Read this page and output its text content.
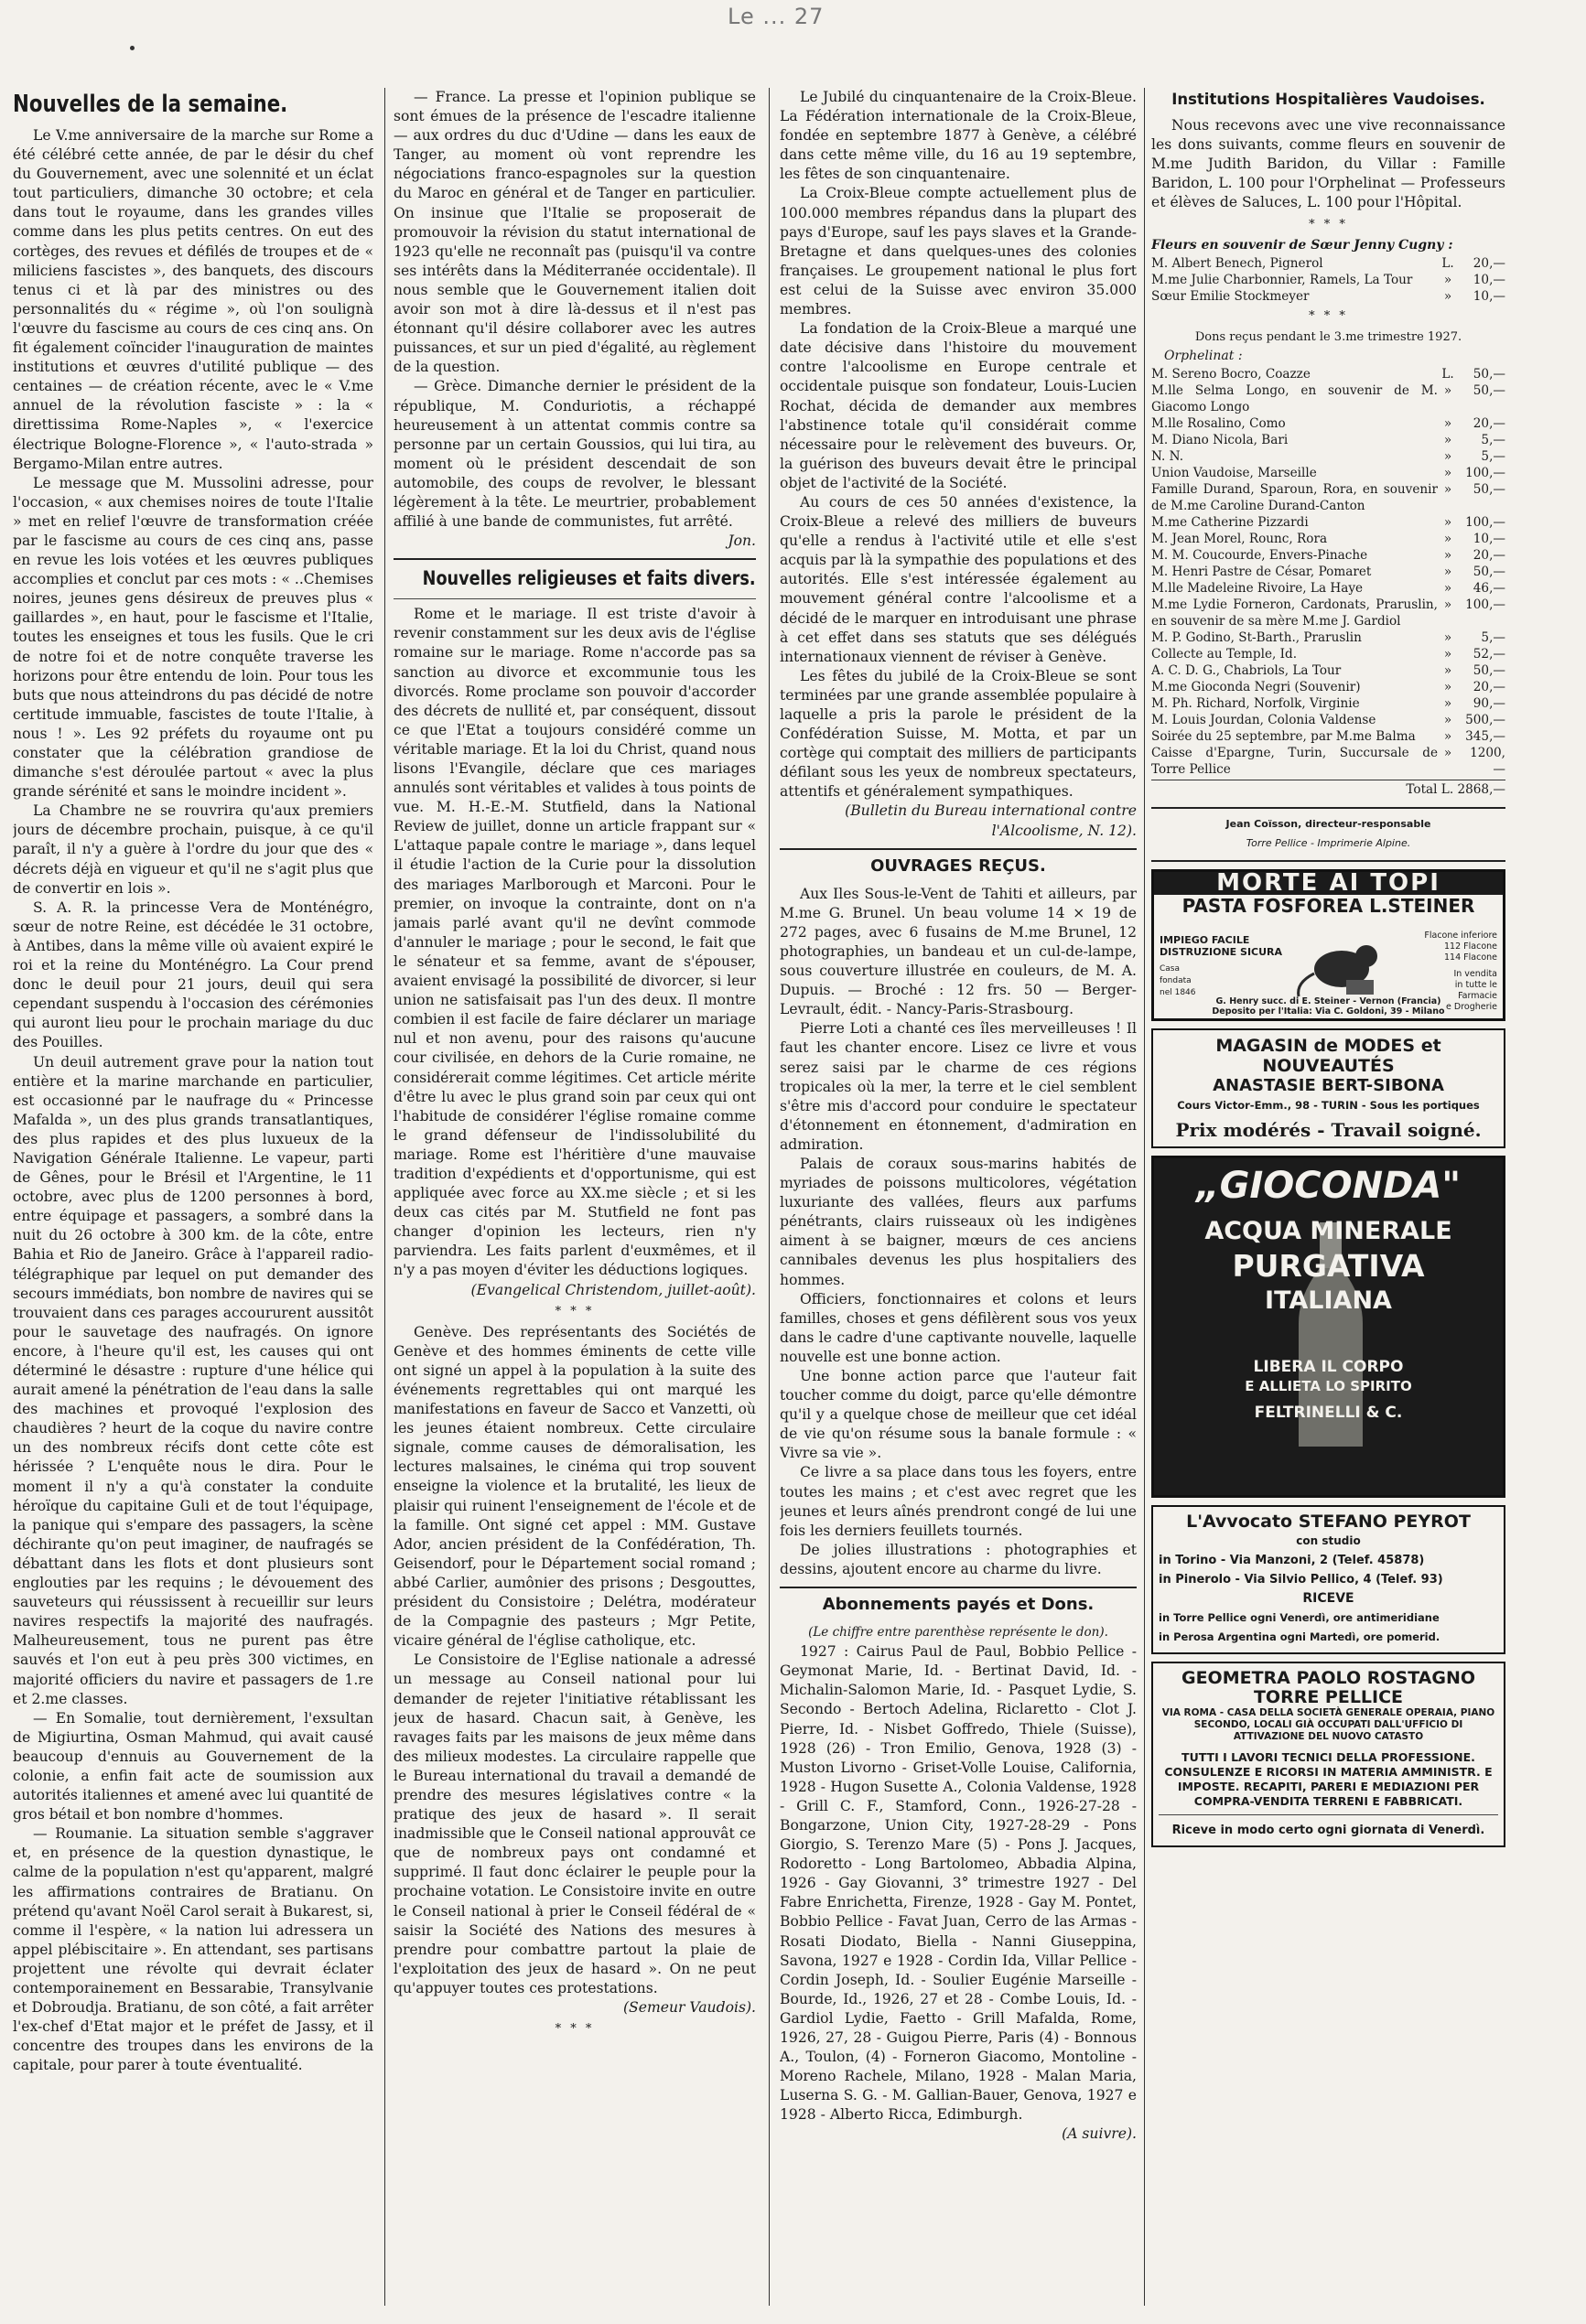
Le ... 27
Nouvelles de la semaine.

Le V.me anniversaire de la marche sur Rome a été célébré cette année, de par le désir du chef du Gouvernement, avec une solennité et un éclat tout particuliers, dimanche 30 octobre; et cela dans tout le royaume, dans les grandes villes comme dans les plus petits centres. On eut des cortèges, des revues et défilés de troupes et de « miliciens fascistes », des banquets, des discours tenus ci et là par des ministres ou des personnalités du « régime », où l'on soulignà l'œuvre du fascisme au cours de ces cinq ans. On fit également coïncider l'inauguration de maintes institutions et œuvres d'utilité publique — des centaines — de création récente, avec le « V.me annuel de la révolution fasciste » : la « direttissima Rome-Naples », « l'exercice électrique Bologne-Florence », « l'auto-strada » Bergamo-Milan entre autres.

Le message que M. Mussolini adresse, pour l'occasion, « aux chemises noires de toute l'Italie » met en relief l'œuvre de transformation créée par le fascisme au cours de ces cinq ans, passe en revue les lois votées et les œuvres publiques accomplies et conclut par ces mots : « ..Chemises noires, jeunes gens désireux de preuves plus « gaillardes », en haut, pour le fascisme et l'Italie, toutes les enseignes et tous les fusils. Que le cri de notre foi et de notre conquête traverse les horizons pour être entendu de loin. Pour tous les buts que nous atteindrons du pas décidé de notre certitude immuable, fascistes de toute l'Italie, à nous ! ». Les 92 préfets du royaume ont pu constater que la célébration grandiose de dimanche s'est déroulée partout « avec la plus grande sérénité et sans le moindre incident ».

La Chambre ne se rouvrira qu'aux premiers jours de décembre prochain, puisque, à ce qu'il paraît, il n'y a guère à l'ordre du jour que des « décrets déjà en vigueur et qu'il ne s'agit plus que de convertir en lois ».

S. A. R. la princesse Vera de Monténégro, sœur de notre Reine, est décédée le 31 octobre, à Antibes, dans la même ville où avaient expiré le roi et la reine du Monténégro. La Cour prend donc le deuil pour 21 jours, deuil qui sera cependant suspendu à l'occasion des cérémonies qui auront lieu pour le prochain mariage du duc des Pouilles.

Un deuil autrement grave pour la nation tout entière et la marine marchande en particulier, est occasionné par le naufrage du « Princesse Mafalda », un des plus grands transatlantiques, des plus rapides et des plus luxueux de la Navigation Générale Italienne. Le vapeur, parti de Gênes, pour le Brésil et l'Argentine, le 11 octobre, avec plus de 1200 personnes à bord, entre équipage et passagers, a sombré dans la nuit du 26 octobre à 300 km. de la côte, entre Bahia et Rio de Janeiro. Grâce à l'appareil radio-télégraphique par lequel on put demander des secours immédiats, bon nombre de navires qui se trouvaient dans ces parages accoururent aussitôt pour le sauvetage des naufragés. On ignore encore, à l'heure qu'il est, les causes qui ont déterminé le désastre : rupture d'une hélice qui aurait amené la pénétration de l'eau dans la salle des machines et provoqué l'explosion des chaudières ? heurt de la coque du navire contre un des nombreux récifs dont cette côte est hérissée ? L'enquête nous le dira. Pour le moment il n'y a qu'à constater la conduite héroïque du capitaine Guli et de tout l'équipage, la panique qui s'empare des passagers, la scène déchirante qu'on peut imaginer, de naufragés se débattant dans les flots et dont plusieurs sont englouties par les requins ; le dévouement des sauveteurs qui réussissent à recueillir sur leurs navires respectifs la majorité des naufragés. Malheureusement, tous ne purent pas être sauvés et l'on eut à peu près 300 victimes, en majorité officiers du navire et passagers de 1.re et 2.me classes.

— En Somalie, tout dernièrement, l'exsultan de Migiurtina, Osman Mahmud, qui avait causé beaucoup d'ennuis au Gouvernement de la colonie, a enfin fait acte de soumission aux autorités italiennes et amené avec lui quantité de gros bétail et bon nombre d'hommes.

— Roumanie. La situation semble s'aggraver et, en présence de la question dynastique, le calme de la population n'est qu'apparent, malgré les affirmations contraires de Bratianu. On prétend qu'avant Noël Carol serait à Bukarest, si, comme il l'espère, « la nation lui adressera un appel plébiscitaire ». En attendant, ses partisans projettent une révolte qui devrait éclater contemporainement en Bessarabie, Transylvanie et Dobroudja. Bratianu, de son côté, a fait arrêter l'ex-chef d'Etat major et le préfet de Jassy, et il concentre des troupes dans les environs de la capitale, pour parer à toute éventualité.

— France. La presse et l'opinion publique se sont émues de la présence de l'escadre italienne — aux ordres du duc d'Udine — dans les eaux de Tanger, au moment où vont reprendre les négociations franco-espagnoles sur la question du Maroc en général et de Tanger en particulier. On insinue que l'Italie se proposerait de promouvoir la révision du statut international de 1923 qu'elle ne reconnaît pas (puisqu'il va contre ses intérêts dans la Méditerranée occidentale). Il nous semble que le Gouvernement italien doit avoir son mot à dire là-dessus et il n'est pas étonnant qu'il désire collaborer avec les autres puissances, et sur un pied d'égalité, au règlement de la question.

— Grèce. Dimanche dernier le président de la république, M. Conduriotis, a réchappé heureusement à un attentat commis contre sa personne par un certain Goussios, qui lui tira, au moment où le président descendait de son automobile, des coups de revolver, le blessant légèrement à la tête. Le meurtrier, probablement affilié à une bande de communistes, fut arrêté.

Jon.
Nouvelles religieuses et faits divers.

Rome et le mariage. Il est triste d'avoir à revenir constamment sur les deux avis de l'église romaine sur le mariage. Rome n'accorde pas sa sanction au divorce et excommunie tous les divorcés. Rome proclame son pouvoir d'accorder des décrets de nullité et, par conséquent, dissout ce que l'Etat a toujours considéré comme un véritable mariage. Et la loi du Christ, quand nous lisons l'Evangile, déclare que ces mariages annulés sont véritables et valides à tous points de vue. M. H.-E.-M. Stutfield, dans la National Review de juillet, donne un article frappant sur « L'attaque papale contre le mariage », dans lequel il étudie l'action de la Curie pour la dissolution des mariages Marlborough et Marconi. Pour le premier, on invoque la contrainte, dont on n'a jamais parlé avant qu'il ne devînt commode d'annuler le mariage ; pour le second, le fait que le sénateur et sa femme, avant de s'épouser, avaient envisagé la possibilité de divorcer, si leur union ne satisfaisait pas l'un des deux. Il montre combien il est facile de faire déclarer un mariage nul et non avenu, pour des raisons qu'aucune cour civilisée, en dehors de la Curie romaine, ne considérerait comme légitimes. Cet article mérite d'être lu avec le plus grand soin par ceux qui ont l'habitude de considérer l'église romaine comme le grand défenseur de l'indissolubilité du mariage. Rome est l'héritière d'une mauvaise tradition d'expédients et d'opportunisme, qui est appliquée avec force au XX.me siècle ; et si les deux cas cités par M. Stutfield ne font pas changer d'opinion les lecteurs, rien n'y parviendra. Les faits parlent d'euxmêmes, et il n'y a pas moyen d'éviter les déductions logiques.

(Evangelical Christendom, juillet-août).
* * *

Genève. Des représentants des Sociétés de Genève et des hommes éminents de cette ville ont signé un appel à la population à la suite des événements regrettables qui ont marqué les manifestations en faveur de Sacco et Vanzetti, où les jeunes étaient nombreux. Cette circulaire signale, comme causes de démoralisation, les lectures malsaines, le cinéma qui trop souvent enseigne la violence et la brutalité, les lieux de plaisir qui ruinent l'enseignement de l'école et de la famille. Ont signé cet appel : MM. Gustave Ador, ancien président de la Confédération, Th. Geisendorf, pour le Département social romand ; abbé Carlier, aumônier des prisons ; Desgouttes, président du Consistoire ; Delétra, modérateur de la Compagnie des pasteurs ; Mgr Petite, vicaire général de l'église catholique, etc.

Le Consistoire de l'Eglise nationale a adressé un message au Conseil national pour lui demander de rejeter l'initiative rétablissant les jeux de hasard. Chacun sait, à Genève, les ravages faits par les maisons de jeux même dans des milieux modestes. La circulaire rappelle que le Bureau international du travail a demandé de prendre des mesures législatives contre « la pratique des jeux de hasard ». Il serait inadmissible que le Conseil national approuvât ce que de nombreux pays ont condamné et supprimé. Il faut donc éclairer le peuple pour la prochaine votation. Le Consistoire invite en outre le Conseil national à prier le Conseil fédéral de « saisir la Société des Nations des mesures à prendre pour combattre partout la plaie de l'exploitation des jeux de hasard ». On ne peut qu'appuyer toutes ces protestations.

(Semeur Vaudois).
* * *

Le Jubilé du cinquantenaire de la Croix-Bleue. La Fédération internationale de la Croix-Bleue, fondée en septembre 1877 à Genève, a célébré dans cette même ville, du 16 au 19 septembre, les fêtes de son cinquantenaire.

La Croix-Bleue compte actuellement plus de 100.000 membres répandus dans la plupart des pays d'Europe, sauf les pays slaves et la Grande-Bretagne et dans quelques-unes des colonies françaises. Le groupement national le plus fort est celui de la Suisse avec environ 35.000 membres.

La fondation de la Croix-Bleue a marqué une date décisive dans l'histoire du mouvement contre l'alcoolisme en Europe centrale et occidentale puisque son fondateur, Louis-Lucien Rochat, décida de demander aux membres l'abstinence totale qu'il considérait comme nécessaire pour le relèvement des buveurs. Or, la guérison des buveurs devait être le principal objet de l'activité de la Société.

Au cours de ces 50 années d'existence, la Croix-Bleue a relevé des milliers de buveurs qu'elle a rendus à l'activité utile et elle s'est acquis par là la sympathie des populations et des autorités. Elle s'est intéressée également au mouvement général contre l'alcoolisme et a décidé de le marquer en introduisant une phrase à cet effet dans ses statuts que ses délégués internationaux viennent de réviser à Genève.

Les fêtes du jubilé de la Croix-Bleue se sont terminées par une grande assemblée populaire à laquelle a pris la parole le président de la Confédération Suisse, M. Motta, et par un cortège qui comptait des milliers de participants défilant sous les yeux de nombreux spectateurs, attentifs et généralement sympathiques.

(Bulletin du Bureau international contre l'Alcoolisme, N. 12).
OUVRAGES REÇUS.

Aux Iles Sous-le-Vent de Tahiti et ailleurs, par M.me G. Brunel. Un beau volume 14 × 19 de 272 pages, avec 6 fusains de M.me Brunel, 12 photographies, un bandeau et un cul-de-lampe, sous couverture illustrée en couleurs, de M. A. Dupuis. — Broché : 12 frs. 50 — Berger-Levrault, édit. - Nancy-Paris-Strasbourg.

Pierre Loti a chanté ces îles merveilleuses ! Il faut les chanter encore. Lisez ce livre et vous serez saisi par le charme de ces régions tropicales où la mer, la terre et le ciel semblent s'être mis d'accord pour conduire le spectateur d'étonnement en étonnement, d'admiration en admiration.

Palais de coraux sous-marins habités de myriades de poissons multicolores, végétation luxuriante des vallées, fleurs aux parfums pénétrants, clairs ruisseaux où les indigènes aiment à se baigner, mœurs de ces anciens cannibales devenus les plus hospitaliers des hommes.

Officiers, fonctionnaires et colons et leurs familles, choses et gens défilèrent sous vos yeux dans le cadre d'une captivante nouvelle, laquelle nouvelle est une bonne action.

Une bonne action parce que l'auteur fait toucher comme du doigt, parce qu'elle démontre qu'il y a quelque chose de meilleur que cet idéal de vie qu'on résume sous la banale formule : « Vivre sa vie ».

Ce livre a sa place dans tous les foyers, entre toutes les mains ; et c'est avec regret que les jeunes et leurs aînés prendront congé de lui une fois les derniers feuillets tournés.

De jolies illustrations : photographies et dessins, ajoutent encore au charme du livre.

Abonnements payés et Dons.
(Le chiffre entre parenthèse représente le don).

1927 : Cairus Paul de Paul, Bobbio Pellice - Geymonat Marie, Id. - Bertinat David, Id. - Michalin-Salomon Marie, Id. - Pasquet Lydie, S. Secondo - Bertoch Adelina, Riclaretto - Clot J. Pierre, Id. - Nisbet Goffredo, Thiele (Suisse), 1928 (26) - Tron Emilio, Genova, 1928 (3) - Muston Livorno - Griset-Volle Louise, California, 1928 - Hugon Susette A., Colonia Valdense, 1928 - Grill C. F., Stamford, Conn., 1926-27-28 - Bongarzone, Union City, 1927-28-29 - Pons Giorgio, S. Terenzo Mare (5) - Pons J. Jacques, Rodoretto - Long Bartolomeo, Abbadia Alpina, 1926 - Gay Giovanni, 3° trimestre 1927 - Del Fabre Enrichetta, Firenze, 1928 - Gay M. Pontet, Bobbio Pellice - Favat Juan, Cerro de las Armas - Rosati Diodato, Biella - Nanni Giuseppina, Savona, 1927 e 1928 - Cordin Ida, Villar Pellice - Cordin Joseph, Id. - Soulier Eugénie Marseille - Bourde, Id., 1926, 27 et 28 - Combe Louis, Id. - Gardiol Lydie, Faetto - Grill Mafalda, Rome, 1926, 27, 28 - Guigou Pierre, Paris (4) - Bonnous A., Toulon, (4) - Forneron Giacomo, Montoline - Moreno Rachele, Milano, 1928 - Malan Maria, Luserna S. G. - M. Gallian-Bauer, Genova, 1927 e 1928 - Alberto Ricca, Edimburgh.

(A suivre).
Institutions Hospitalières Vaudoises.

Nous recevons avec une vive reconnaissance les dons suivants, comme fleurs en souvenir de M.me Judith Baridon, du Villar : Famille Baridon, L. 100 pour l'Orphelinat — Professeurs et élèves de Saluces, L. 100 pour l'Hôpital.

* * *
Fleurs en souvenir de Sœur Jenny Cugny :
M. Albert Benech, Pignerol	L.	20,—
M.me Julie Charbonnier, Ramels, La Tour	»	10,—
Sœur Emilie Stockmeyer	»	10,—
* * *
Dons reçus pendant le 3.me trimestre 1927.
Orphelinat :
M. Sereno Bocro, Coazze	L.	50,—
M.lle Selma Longo, en souvenir de M. Giacomo Longo	»	50,—
M.lle Rosalino, Como	»	20,—
M. Diano Nicola, Bari	»	5,—
N. N.	»	5,—
Union Vaudoise, Marseille	»	100,—
Famille Durand, Sparoun, Rora, en souvenir de M.me Caroline Durand-Canton	»	50,—
M.me Catherine Pizzardi	»	100,—
M. Jean Morel, Rounc, Rora	»	10,—
M. M. Coucourde, Envers-Pinache	»	20,—
M. Henri Pastre de César, Pomaret	»	50,—
M.lle Madeleine Rivoire, La Haye	»	46,—
M.me Lydie Forneron, Cardonats, Praruslin, en souvenir de sa mère M.me J. Gardiol	»	100,—
M. P. Godino, St-Barth., Praruslin	»	5,—
Collecte au Temple, Id.	»	52,—
A. C. D. G., Chabriols, La Tour	»	50,—
M.me Gioconda Negri (Souvenir)	»	20,—
M. Ph. Richard, Norfolk, Virginie	»	90,—
M. Louis Jourdan, Colonia Valdense	»	500,—
Soirée du 25 septembre, par M.me Balma	»	345,—
Caisse d'Epargne, Turin, Succursale de Torre Pellice	»	1200,—
Total L. 2868,—
Jean Coïsson, directeur-responsable
Torre Pellice - Imprimerie Alpine.
MORTE AI TOPI
PASTA FOSFOREA L.STEINER
IMPIEGO FACILE
DISTRUZIONE SICURA
Casa
fondata
nel 1846
Flacone inferiore
112 Flacone
114 Flacone
In vendita
in tutte le
Farmacie
e Drogherie
G. Henry succ. di E. Steiner - Vernon (Francia)
Deposito per l'Italia: Via C. Goldoni, 39 - Milano
MAGASIN de MODES et NOUVEAUTÉS
ANASTASIE BERT-SIBONA
Cours Victor-Emm., 98 - TURIN - Sous les portiques
Prix modérés - Travail soigné.
„GIOCONDA"
ACQUA MINERALE
PURGATIVA
ITALIANA
LIBERA IL CORPO
E ALLIETA LO SPIRITO
FELTRINELLI & C.
L'Avvocato STEFANO PEYROT
con studio
in Torino - Via Manzoni, 2 (Telef. 45878)
in Pinerolo - Via Silvio Pellico, 4 (Telef. 93)
RICEVE
in Torre Pellice ogni Venerdì, ore antimeridiane
in Perosa Argentina ogni Martedì, ore pomerid.
GEOMETRA PAOLO ROSTAGNO
TORRE PELLICE
VIA ROMA - CASA DELLA SOCIETÀ GENERALE OPERAIA, PIANO SECONDO, LOCALI GIÀ OCCUPATI DALL'UFFICIO DI ATTIVAZIONE DEL NUOVO CATASTO
TUTTI I LAVORI TECNICI DELLA PROFESSIONE. CONSULENZE E RICORSI IN MATERIA AMMINISTR. E IMPOSTE. RECAPITI, PARERI E MEDIAZIONI PER COMPRA-VENDITA TERRENI E FABBRICATI.
Riceve in modo certo ogni giornata di Venerdì.
